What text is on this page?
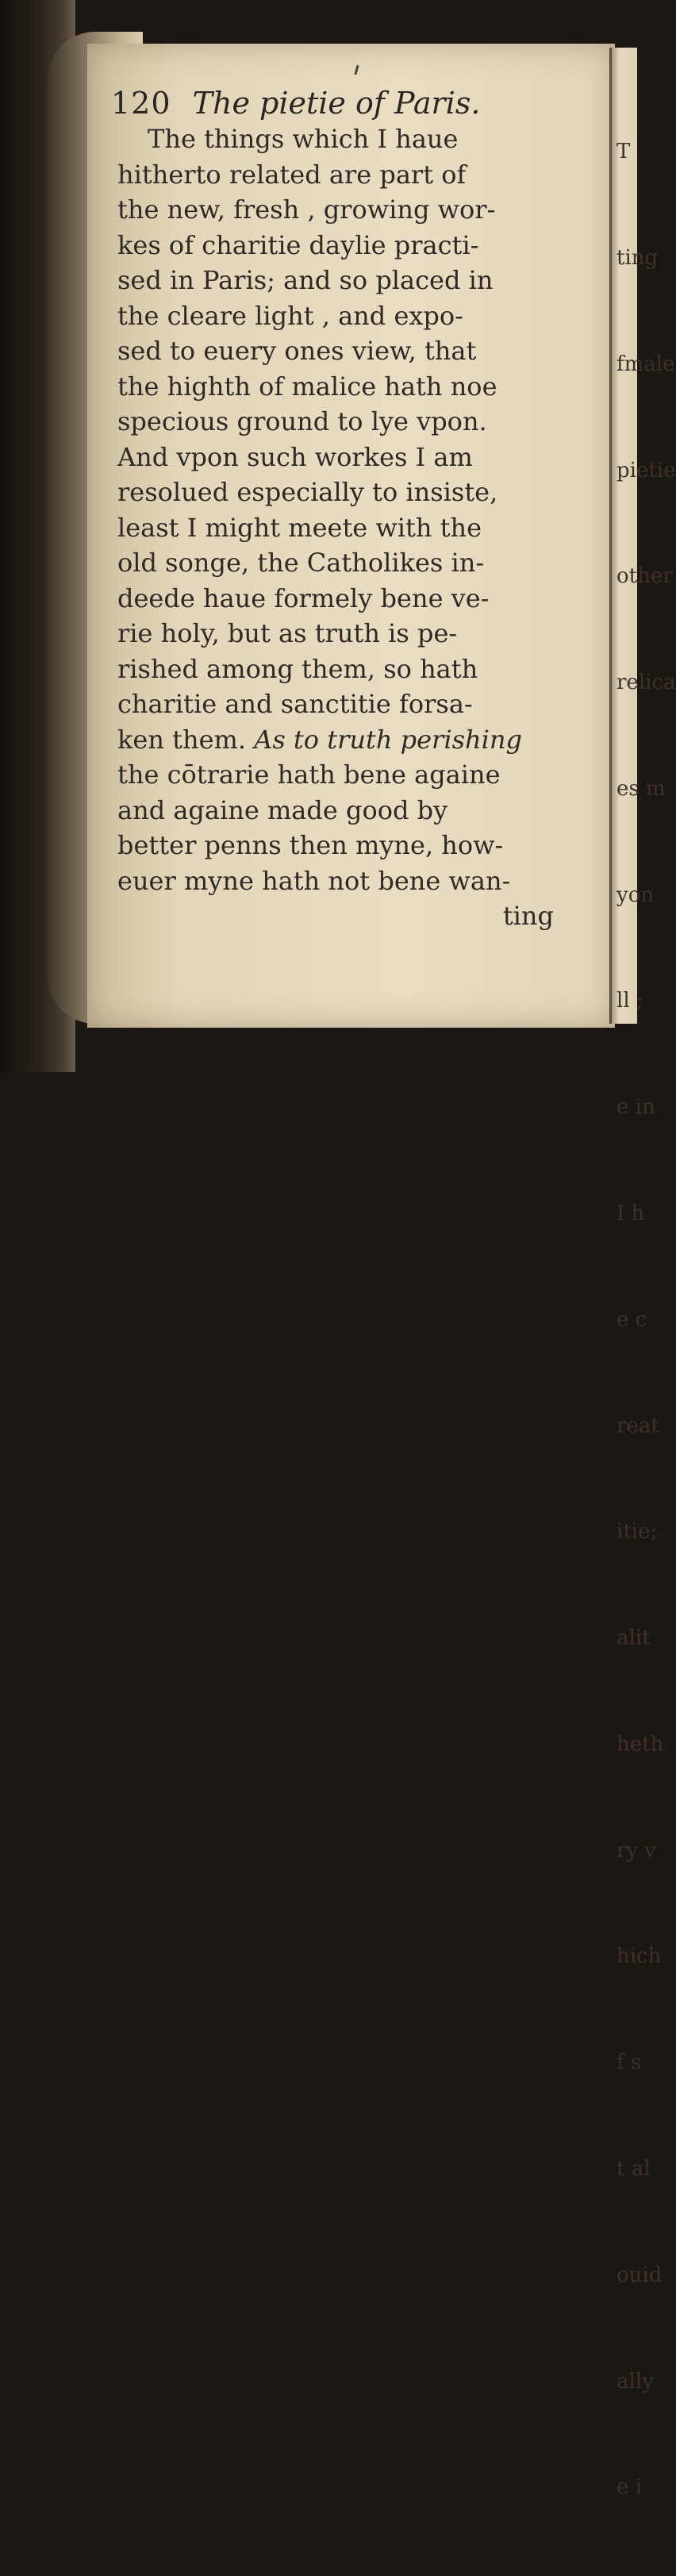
120 The pietie of Paris.
The things which I haue
hitherto related are part of
the new, fresh , growing wor-
kes of charitie daylie practi-
sed in Paris; and so placed in
the cleare light , and expo-
sed to euery ones view, that
the highth of malice hath noe
specious ground to lye vpon.
And vpon such workes I am
resolued especially to insiste,
least I might meete with the
old songe, the Catholikes in-
deede haue formely bene ve-
rie holy, but as truth is pe-
rished among them, so hath
charitie and sanctitie forsa-
ken them. As to truth perishing
the cōtrarie hath bene againe
and againe made good by
better penns then myne, how-
euer myne hath not bene wan-
ting

T

ting

fmale

pietie

other

relica

es m

yon

ll ;

e in

I h

e c

reat

itie;

alit

heth

ry v

hich

f s

t al

ouid

ally

e i
